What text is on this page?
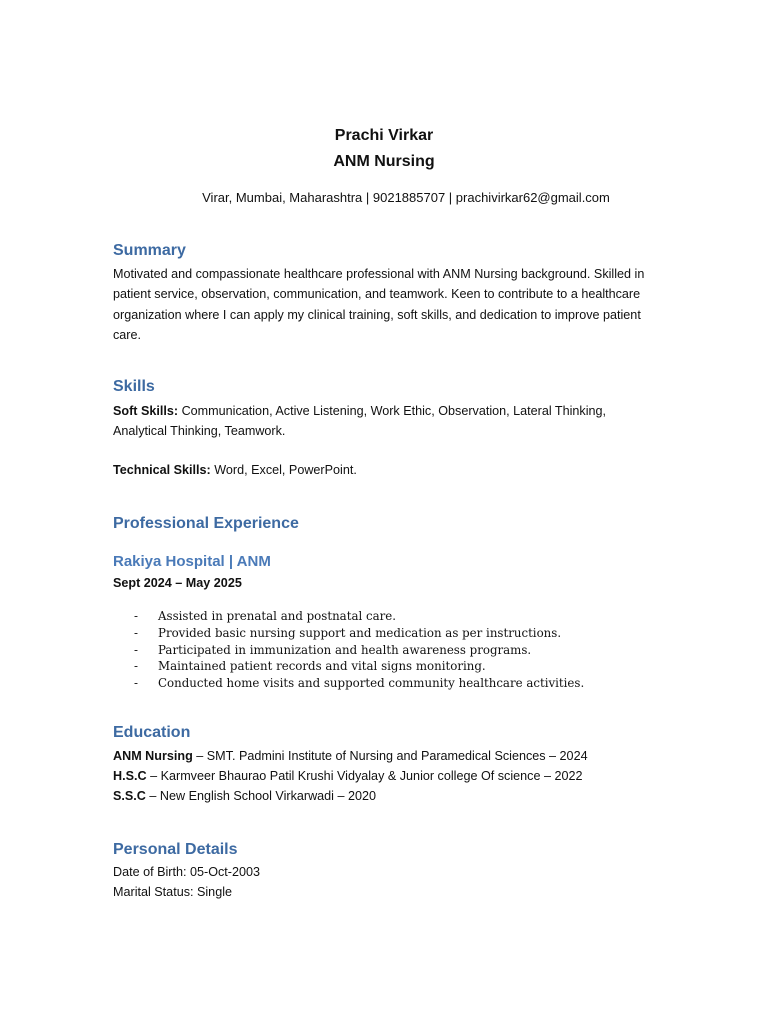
Prachi Virkar
ANM Nursing
Virar, Mumbai, Maharashtra | 9021885707 | prachivirkar62@gmail.com
Summary
Motivated and compassionate healthcare professional with ANM Nursing background. Skilled in patient service, observation, communication, and teamwork. Keen to contribute to a healthcare organization where I can apply my clinical training, soft skills, and dedication to improve patient care.
Skills
Soft Skills: Communication, Active Listening, Work Ethic, Observation, Lateral Thinking, Analytical Thinking, Teamwork.
Technical Skills: Word, Excel, PowerPoint.
Professional Experience
Rakiya Hospital | ANM
Sept 2024 – May 2025
- Assisted in prenatal and postnatal care.
- Provided basic nursing support and medication as per instructions.
- Participated in immunization and health awareness programs.
- Maintained patient records and vital signs monitoring.
- Conducted home visits and supported community healthcare activities.
Education
ANM Nursing – SMT. Padmini Institute of Nursing and Paramedical Sciences – 2024
H.S.C – Karmveer Bhaurao Patil Krushi Vidyalay & Junior college Of science – 2022
S.S.C – New English School Virkarwadi – 2020
Personal Details
Date of Birth: 05-Oct-2003
Marital Status: Single
